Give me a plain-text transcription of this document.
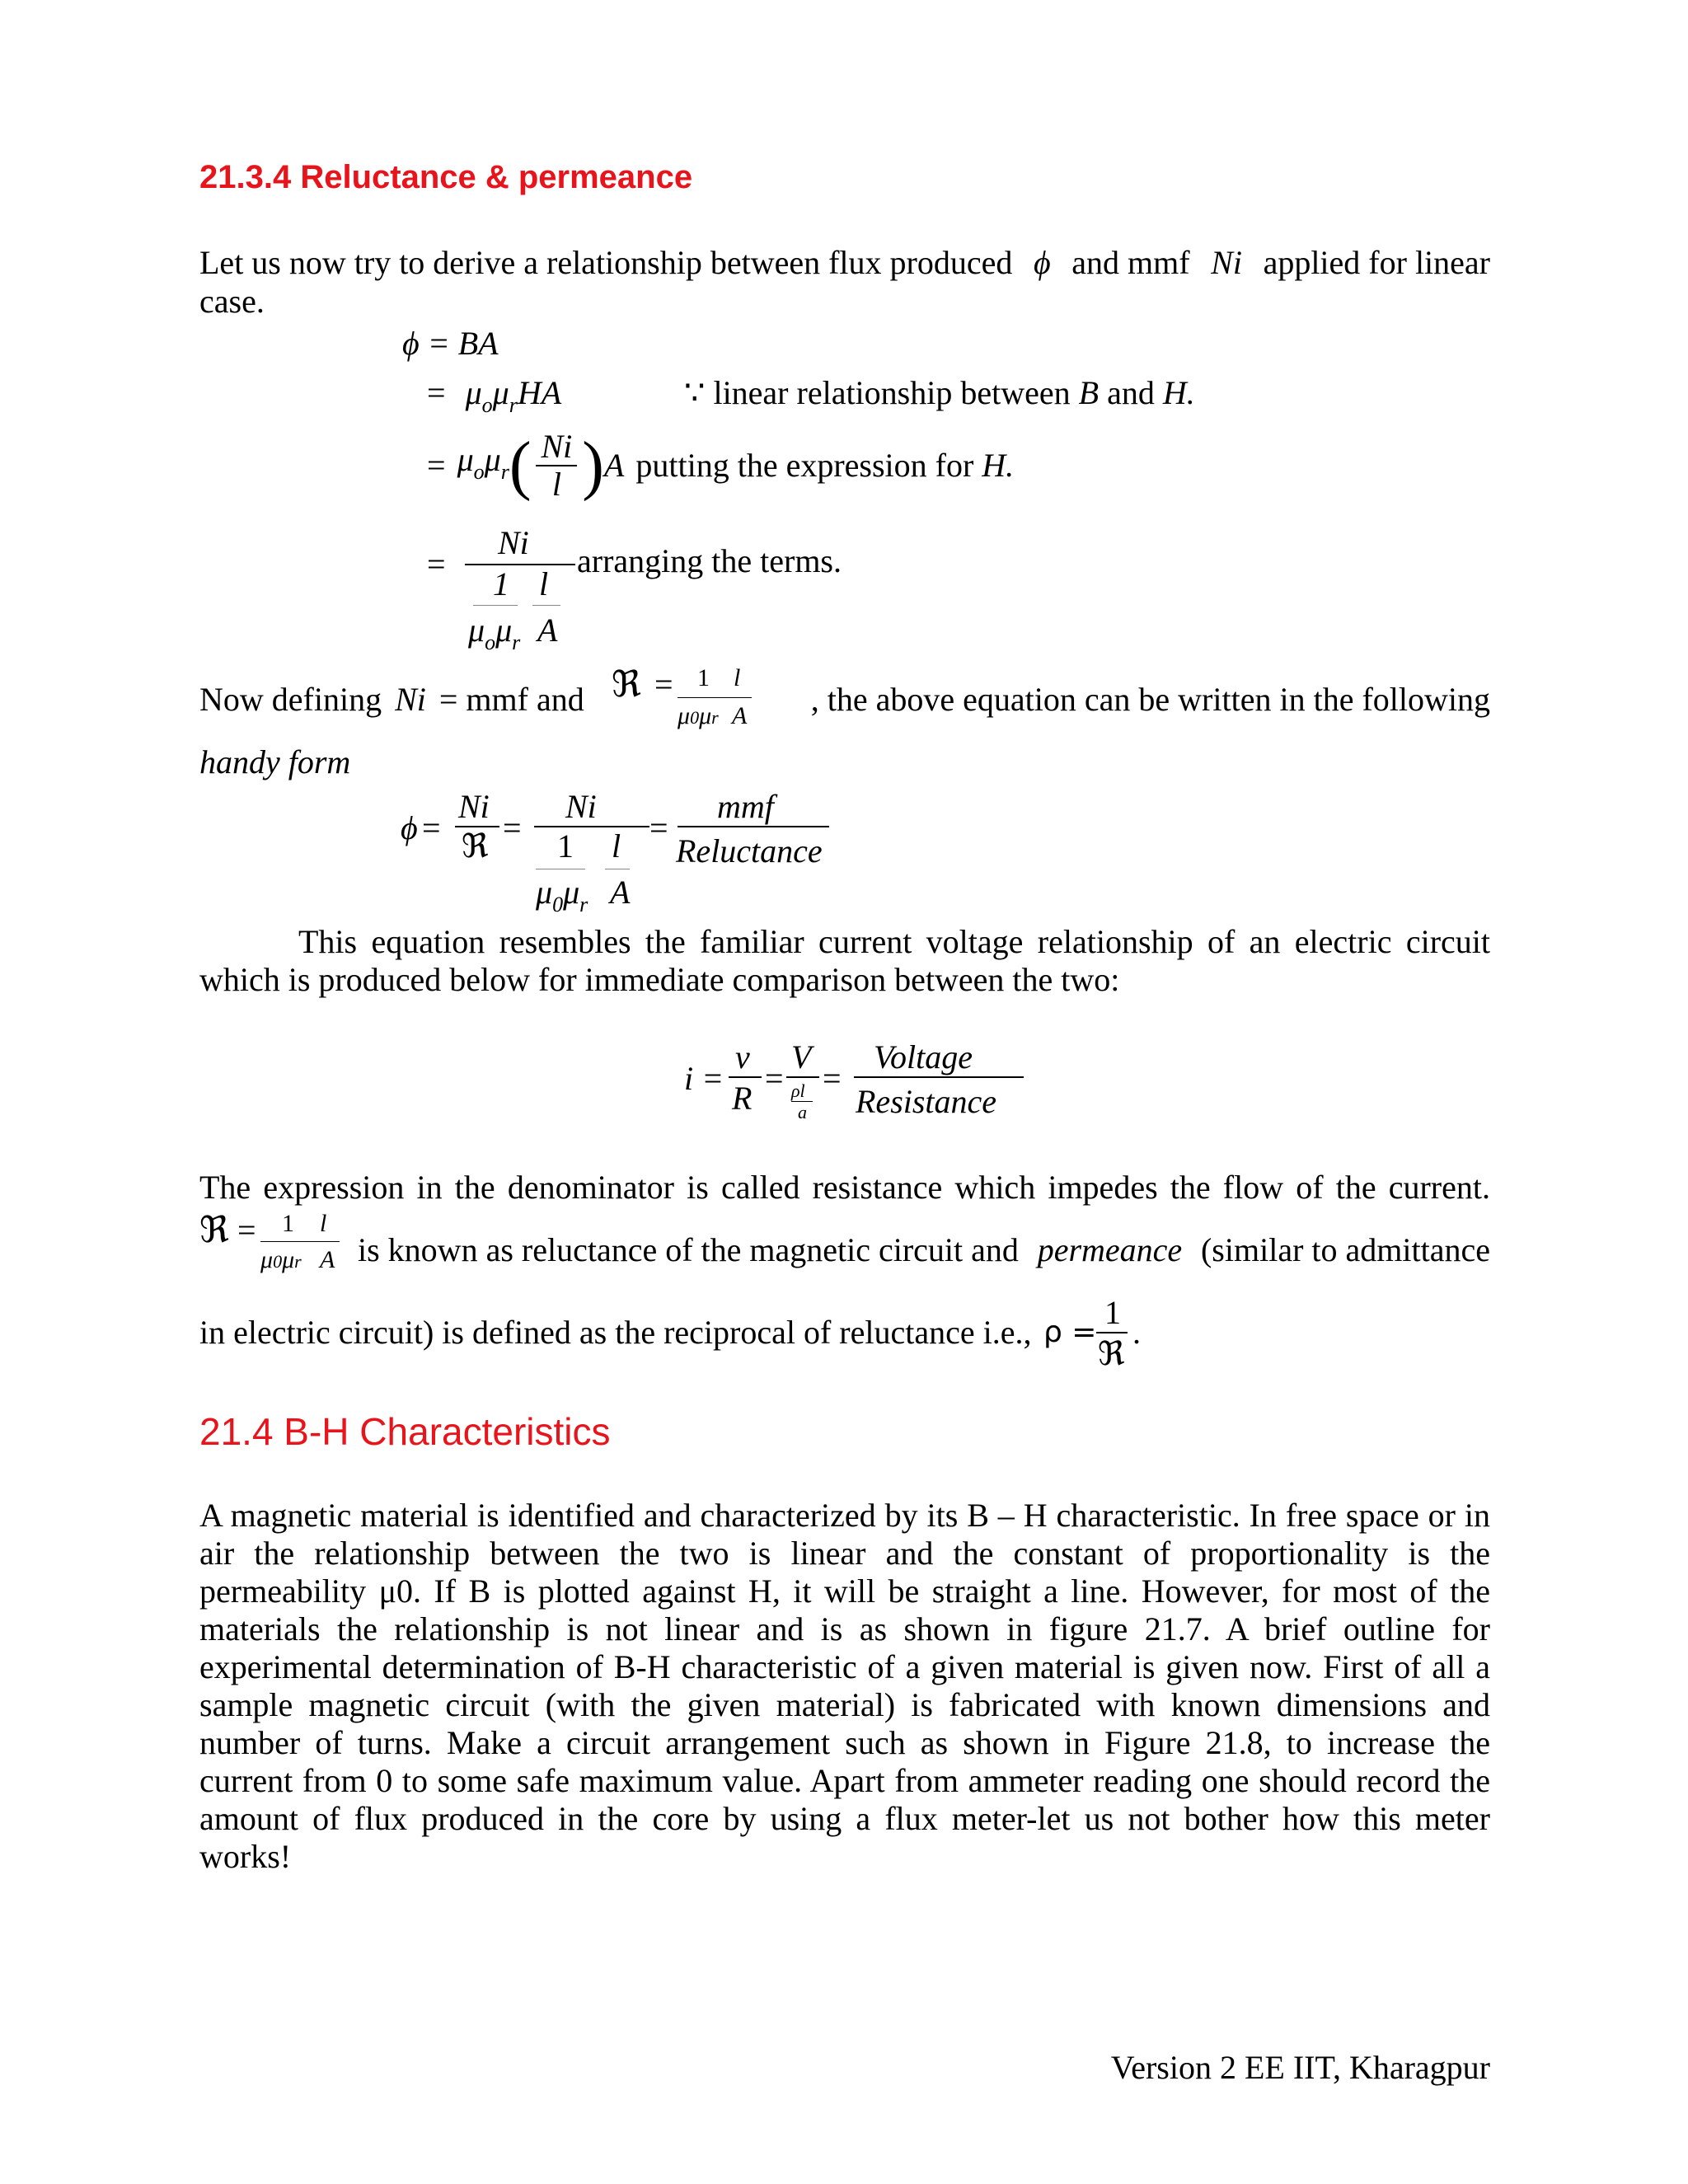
21.3.4 Reluctance & permeance
Let us now try to derive a relationship between flux produced ϕ and mmf Ni applied for linear
case.
ϕ = BA
= $\mu_o\mu_rHA$	∵ linear relationship between B and H.
= $\mu_o\mu_r$ ( $\frac{Ni}{l}$ ) A putting the expression for H.
=
Ni
1 l
$\mu_o\mu_r$ A
arranging the terms.
Now defining Ni = mmf and ℜ = 1 l
μ0μr A	, the above equation can be written in the following
handy form
ϕ =
Ni
ℜ =
Ni
1 l
$\mu_0\mu_r$ A
=
mmf
Reluctance
This equation resembles the familiar current voltage relationship of an electric circuit
which is produced below for immediate comparison between the two:
i =
v
R
=
V
ρl
a
=
Voltage
Resistance
The expression in the denominator is called resistance which impedes the flow of the current.
ℜ = 1 l
μ0μr A is known as reluctance of the magnetic circuit and permeance (similar to admittance
in electric circuit) is defined as the reciprocal of reluctance i.e., ρ =
1
ℜ
.
21.4 B-H Characteristics
A magnetic material is identified and characterized by its B – H characteristic. In free space or in
air the relationship between the two is linear and the constant of proportionality is the
permeability μ0. If B is plotted against H, it will be straight a line. However, for most of the
materials the relationship is not linear and is as shown in figure 21.7. A brief outline for
experimental determination of B-H characteristic of a given material is given now. First of all a
sample magnetic circuit (with the given material) is fabricated with known dimensions and
number of turns. Make a circuit arrangement such as shown in Figure 21.8, to increase the
current from 0 to some safe maximum value. Apart from ammeter reading one should record the
amount of flux produced in the core by using a flux meter-let us not bother how this meter
works!
Version 2 EE IIT, Kharagpur
